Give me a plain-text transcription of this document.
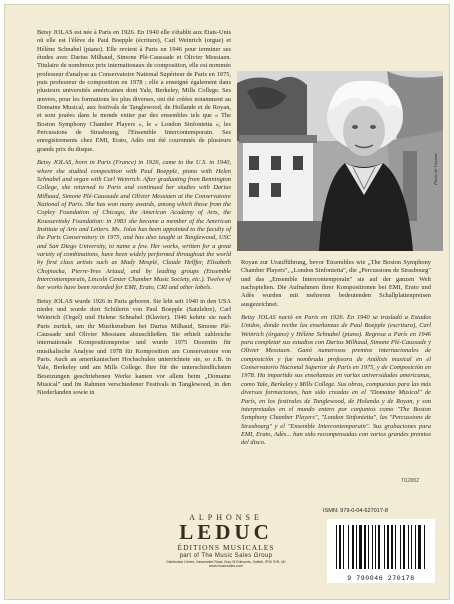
Betsy JOLAS est née à Paris en 1926. En 1940 elle s'établit aux Etats-Unis où elle est l'élève de Paul Boepple (écriture), Carl Weinrich (orgue) et Hélène Schnabel (piano). Elle revient à Paris en 1946 pour terminer ses études avec Darius Milhaud, Simone Plé-Caussade et Olivier Messiaen. Titulaire de nombreux prix internationaux de composition, elle est nommée professeur d'analyse au Conservatoire National Supérieur de Paris en 1975, puis professeur de composition en 1978 ; elle a enseigné également dans plusieurs universités américaines dont Yale, Berkeley, Mills College. Ses œuvres, pour les formations les plus diverses, ont été créées notamment au Domaine Musical, aux festivals de Tanglewood, de Hollande et de Royan, et sont jouées dans le monde entier par des ensembles tels que « The Boston Symphony Chamber Players », le « London Sinfonietta », les Percussions de Strasbourg, l'Ensemble Intercontemporain. Ses enregistrements chez EMI, Erato, Adès ont été couronnés de plusieurs grands prix du disque.

Betsy JOLAS, born in Paris (France) in 1926, came to the U.S. in 1940, where she studied composition with Paul Boepple, piano with Helen Schnabel and organ with Carl Weinrich. After graduating from Bennington College, she returned to Paris and continued her studies with Darius Milhaud, Simone Plé-Caussade and Olivier Messiaen at the Conservatoire National of Paris. She has won many awards, among which those from the Copley Foundation of Chicago, the American Academy of Arts, the Koussevitsky Foundation: in 1983 she became a member of the American Institute of Arts and Letters. Ms. Jolas has been appointed to the faculty of the Paris Conservatory in 1975, and has also taught at Tanglewood, USC and San Diego University, to name a few. Her works, written for a great variety of combinations, have been widely performed throughout the world by first class artists such as Mady Mesplé, Claude Helffer, Elisabeth Chojnacka, Pierre-Yves Artaud, and by leading groups (Ensemble Intercontemporain, Lincoln Center Chamber Music Society, etc.). Twelve of her works have been recorded for EMI, Erato, CRI and other labels.

Betsy JOLAS wurde 1926 in Paris geboren. Sie lebt seit 1940 in den USA nieder und wurde dort Schülerin von Paul Boepple (Satzlehre), Carl Weinrich (Orgel) und Helene Schnabel (Klavier). 1946 kehrte sie nach Paris zurück, um ihr Musikstudium bei Darius Milhaud, Simone Plé-Caussade und Olivier Messiaen abzuschließen. Sie erhielt zahlreiche internationale Kompositionspreise und wurde 1975 Dozentin für musikalische Analyse und 1978 für Komposition am Conservatoire von Paris. Auch an amerikanischen Hochschulen unterrichtete sie, so z.B. in Yale, Berkeley und am Mills College. Ihre für die unterschiedlichsten Besetzungen geschriebenen Werke kamen vor allem beim „Domaine Musical" und im Rahmen verschiedener Festivals in Tanglewood, in den Niederlanden sowie in

Photo de l'auteur

Royan zur Uraufführung, bevor Ensembles wie „The Boston Symphony Chamber Players", „London Sinfonietta", die „Percussions de Strasbourg" und das „Ensemble Intercontemporain" sie auf der ganzen Welt nachspielten. Die Aufnahmen ihrer Kompositionen bei EMI, Erato und Adès wurden mit mehreren bedeutenden Schallplattenpreisen ausgezeichnet.

Betsy JOLAS nació en Paris en 1926. En 1940 se trasladó a Estados Unidos, donde recibe las enseñanzas de Paul Boepple (escritura), Carl Weinrich (órgano) y Hélène Schnabel (piano). Regresa a París en 1946 para completar sus estudios con Darius Milhaud, Simone Plé-Caussade y Olivier Messiaen. Ganó numerosos premios internacionales de composición y fue nombrada profesora de Análisis musical en el Conservatorio Nacional Superior de París en 1975, y de Composición en 1978. Ha impartido sus enseñanzas en varias universidades americanas, como Yale, Berkeley y Mills College. Sus obras, compuestas para las más diversas formaciones, han sido creadas en el "Domaine Musical" de París, en los festivales de Tanglewood, de Holanda y de Royan, y son interpretadas en el mundo entero por conjuntos como "The Boston Symphony Chamber Players", "London Sinfonietta", las "Percussions de Strasbourg" y el "Ensemble Intercontemporain". Sus grabaciones para EMI, Erato, Adès... han sido recompensadas con varios grandes premios del disco.

7/12002
ALPHONSE
LEDUC
ÉDITIONS MUSICALES
part of The Music Sales Group
Distribution Centre, Newmarket Road, Bury St Edmunds, Suffolk, IP33 3YB, UK
www.musicsales.com
ISMN: 979-0-04-627017-8
9 790046 270178
